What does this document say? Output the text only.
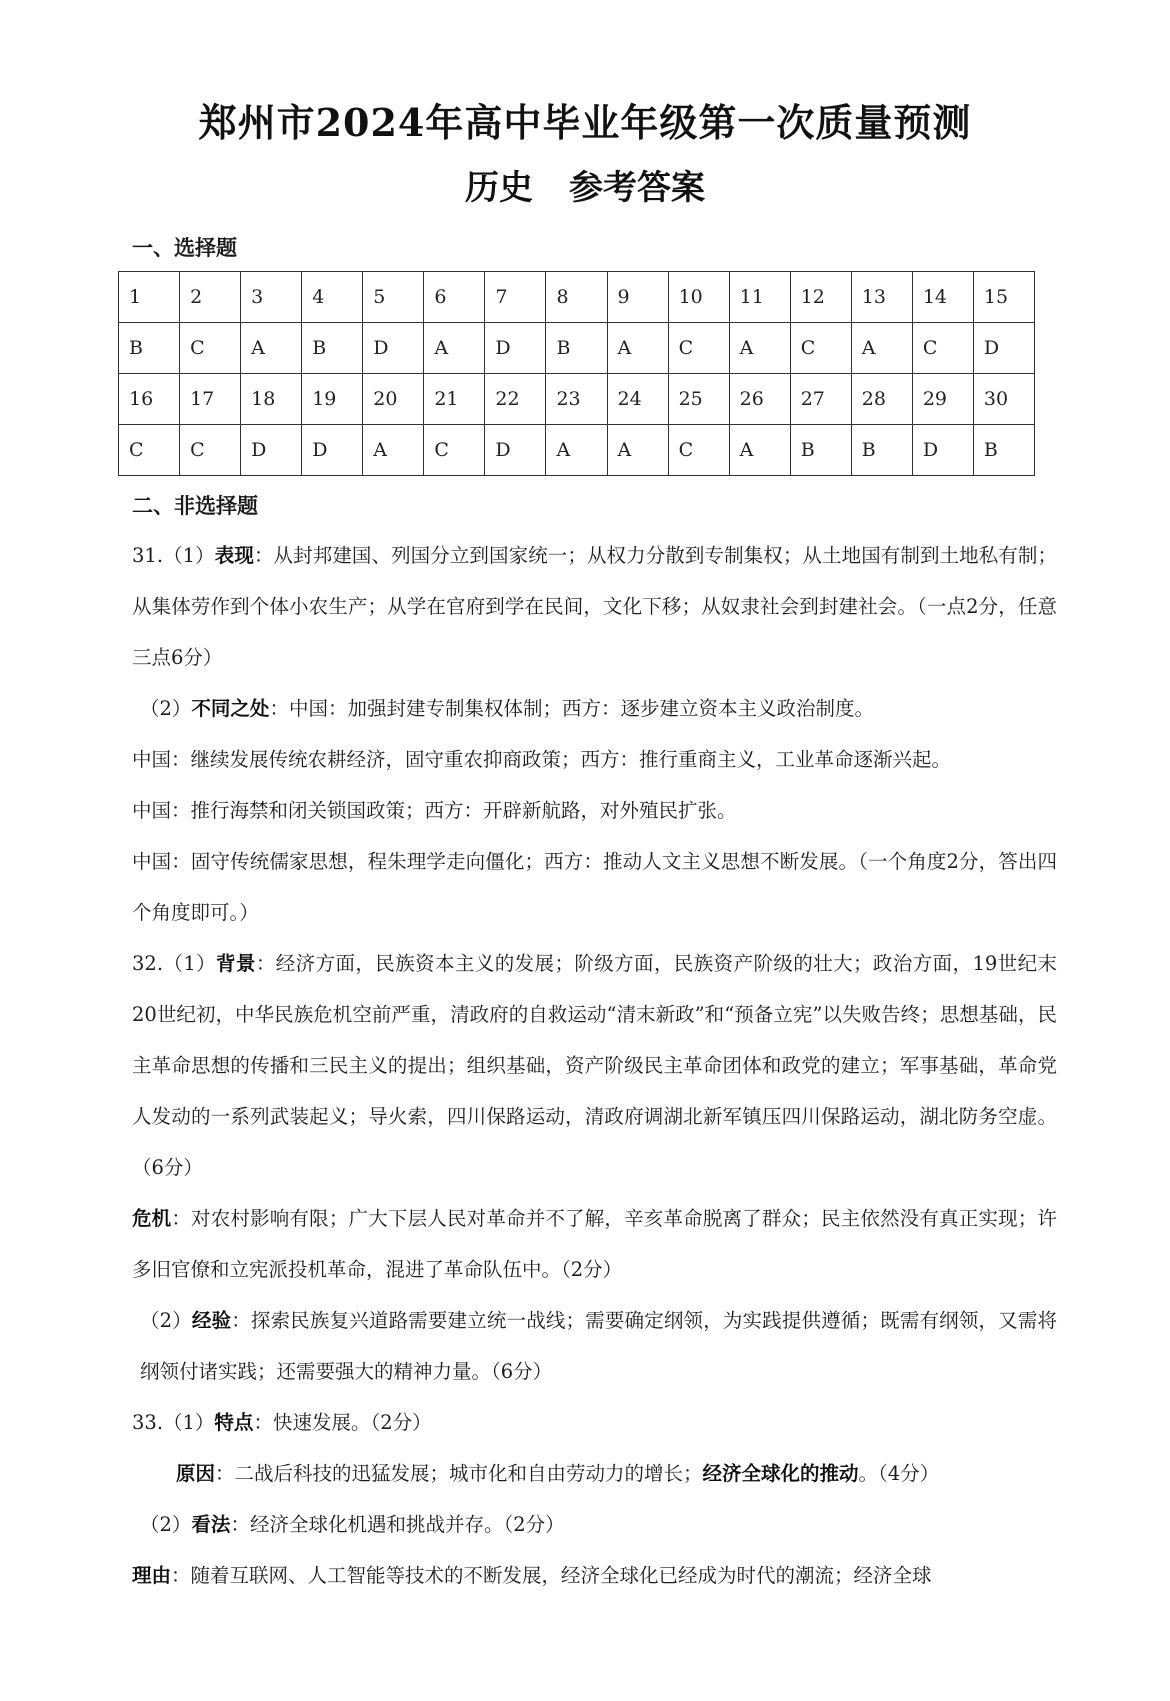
郑州市2024年高中毕业年级第一次质量预测
历史 参考答案
一、选择题
1	2	3	4	5	6	7	8	9	10	11	12	13	14	15
B	C	A	B	D	A	D	B	A	C	A	C	A	C	D
16	17	18	19	20	21	22	23	24	25	26	27	28	29	30
C	C	D	D	A	C	D	A	A	C	A	B	B	D	B
二、非选择题

31.（1）表现：从封邦建国、列国分立到国家统一；从权力分散到专制集权；从土地国有制到土地私有制；从集体劳作到个体小农生产；从学在官府到学在民间，文化下移；从奴隶社会到封建社会。（一点2分，任意三点6分）

（2）不同之处：中国：加强封建专制集权体制；西方：逐步建立资本主义政治制度。

中国：继续发展传统农耕经济，固守重农抑商政策；西方：推行重商主义，工业革命逐渐兴起。

中国：推行海禁和闭关锁国政策；西方：开辟新航路，对外殖民扩张。

中国：固守传统儒家思想，程朱理学走向僵化；西方：推动人文主义思想不断发展。（一个角度2分，答出四个角度即可。）

32.（1）背景：经济方面，民族资本主义的发展；阶级方面，民族资产阶级的壮大；政治方面，19世纪末20世纪初，中华民族危机空前严重，清政府的自救运动“清末新政”和“预备立宪”以失败告终；思想基础，民主革命思想的传播和三民主义的提出；组织基础，资产阶级民主革命团体和政党的建立；军事基础，革命党人发动的一系列武装起义；导火索，四川保路运动，清政府调湖北新军镇压四川保路运动，湖北防务空虚。（6分）

危机：对农村影响有限；广大下层人民对革命并不了解，辛亥革命脱离了群众；民主依然没有真正实现；许多旧官僚和立宪派投机革命，混进了革命队伍中。（2分）

（2）经验：探索民族复兴道路需要建立统一战线；需要确定纲领，为实践提供遵循；既需有纲领，又需将纲领付诸实践；还需要强大的精神力量。（6分）

33.（1）特点：快速发展。（2分）

原因：二战后科技的迅猛发展；城市化和自由劳动力的增长；经济全球化的推动。（4分）

（2）看法：经济全球化机遇和挑战并存。（2分）

理由：随着互联网、人工智能等技术的不断发展，经济全球化已经成为时代的潮流；经济全球
